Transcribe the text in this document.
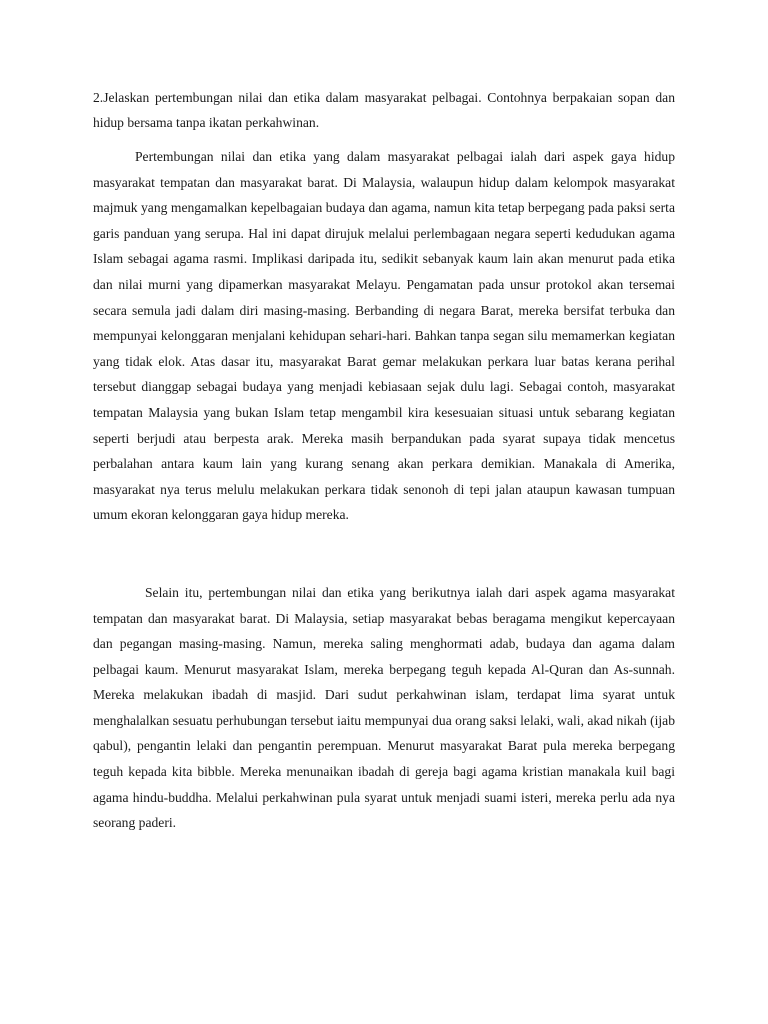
2.Jelaskan pertembungan nilai dan etika dalam masyarakat pelbagai. Contohnya berpakaian sopan dan hidup bersama tanpa ikatan perkahwinan.

Pertembungan nilai dan etika yang dalam masyarakat pelbagai ialah dari aspek gaya hidup masyarakat tempatan dan masyarakat barat. Di Malaysia, walaupun hidup dalam kelompok masyarakat majmuk yang mengamalkan kepelbagaian budaya dan agama, namun kita tetap berpegang pada paksi serta garis panduan yang serupa. Hal ini dapat dirujuk melalui perlembagaan negara seperti kedudukan agama Islam sebagai agama rasmi. Implikasi daripada itu, sedikit sebanyak kaum lain akan menurut pada etika dan nilai murni yang dipamerkan masyarakat Melayu. Pengamatan pada unsur protokol akan tersemai secara semula jadi dalam diri masing-masing. Berbanding di negara Barat, mereka bersifat terbuka dan mempunyai kelonggaran menjalani kehidupan sehari-hari. Bahkan tanpa segan silu memamerkan kegiatan yang tidak elok. Atas dasar itu, masyarakat Barat gemar melakukan perkara luar batas kerana perihal tersebut dianggap sebagai budaya yang menjadi kebiasaan sejak dulu lagi. Sebagai contoh, masyarakat tempatan Malaysia yang bukan Islam tetap mengambil kira kesesuaian situasi untuk sebarang kegiatan seperti berjudi atau berpesta arak. Mereka masih berpandukan pada syarat supaya tidak mencetus perbalahan antara kaum lain yang kurang senang akan perkara demikian. Manakala di Amerika, masyarakat nya terus melulu melakukan perkara tidak senonoh di tepi jalan ataupun kawasan tumpuan umum ekoran kelonggaran gaya hidup mereka.

Selain itu, pertembungan nilai dan etika yang berikutnya ialah dari aspek agama masyarakat tempatan dan masyarakat barat. Di Malaysia, setiap masyarakat bebas beragama mengikut kepercayaan dan pegangan masing-masing. Namun, mereka saling menghormati adab, budaya dan agama dalam pelbagai kaum. Menurut masyarakat Islam, mereka berpegang teguh kepada Al-Quran dan As-sunnah. Mereka melakukan ibadah di masjid. Dari sudut perkahwinan islam, terdapat lima syarat untuk menghalalkan sesuatu perhubungan tersebut iaitu mempunyai dua orang saksi lelaki, wali, akad nikah (ijab qabul), pengantin lelaki dan pengantin perempuan. Menurut masyarakat Barat pula mereka berpegang teguh kepada kita bibble. Mereka menunaikan ibadah di gereja bagi agama kristian manakala kuil bagi agama hindu-buddha. Melalui perkahwinan pula syarat untuk menjadi suami isteri, mereka perlu ada nya seorang paderi.
